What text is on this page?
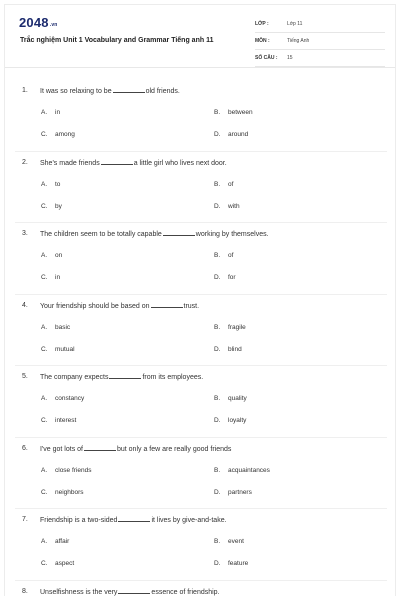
2048.vn
Trắc nghiệm Unit 1 Vocabulary and Grammar Tiếng anh 11
LỚP :	Lớp 11
MÔN :	Tiếng Anh
SỐ CÂU : 15
1. It was so relaxing to be	old friends.
A. in	B. between
C. among	D. around
2. She's made friends	a little girl who lives next door.
A. to	B. of
C. by	D. with
3. The children seem to be totally capable	working by themselves.
A. on	B. of
C. in	D. for
4. Your friendship should be based on	trust.
A. basic	B. fragile
C. mutual	D. blind
5. The company expects	from its employees.
A. constancy	B. quality
C. interest	D. loyalty
6. I've got lots of	but only a few are really good friends
A. close friends	B. acquaintances
C. neighbors	D. partners
7. Friendship is a two-sided	it lives by give-and-take.
A. affair	B. event
C. aspect	D. feature
8. Unselfishness is the very	essence of friendship.
